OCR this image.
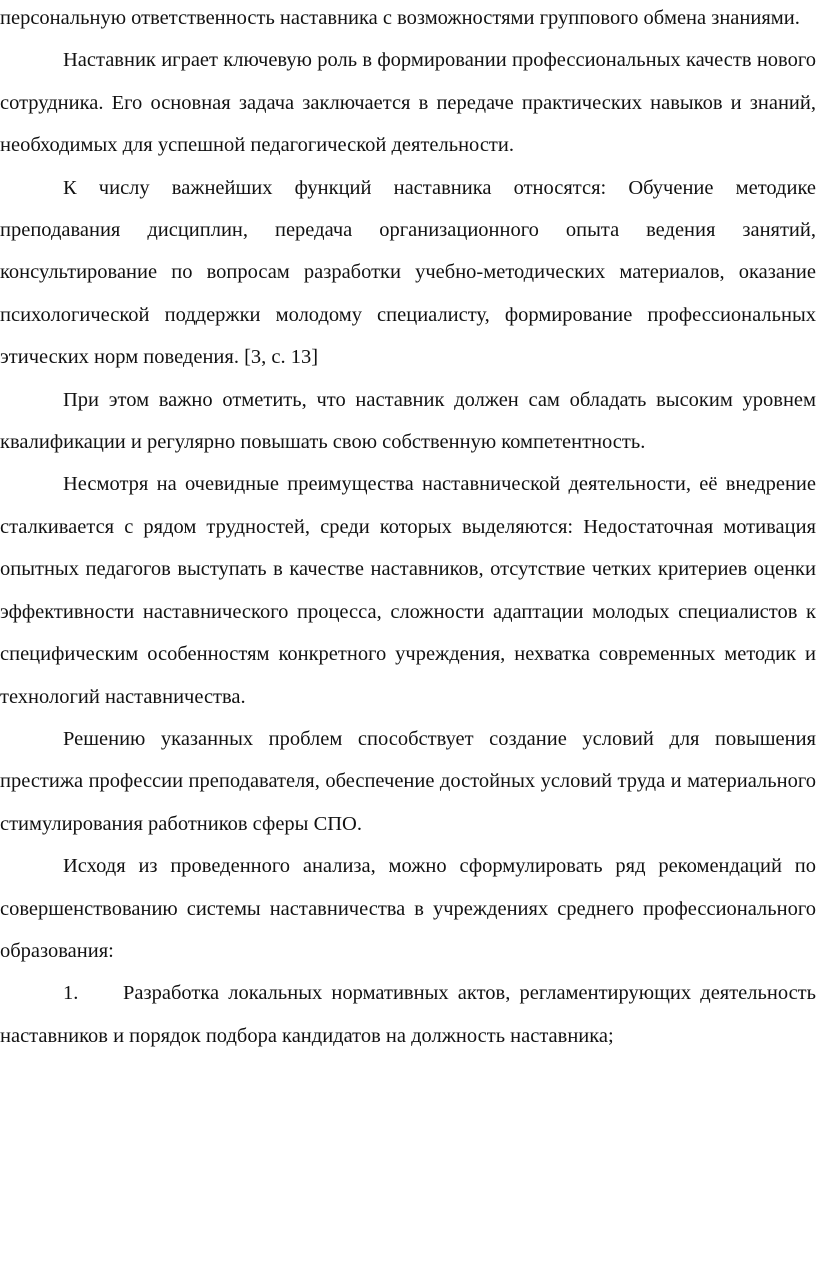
персональную ответственность наставника с возможностями группового обмена знаниями.

Наставник играет ключевую роль в формировании профессиональных качеств нового сотрудника. Его основная задача заключается в передаче практических навыков и знаний, необходимых для успешной педагогической деятельности.

К числу важнейших функций наставника относятся: Обучение методике преподавания дисциплин, передача организационного опыта ведения занятий, консультирование по вопросам разработки учебно-методических материалов, оказание психологической поддержки молодому специалисту, формирование профессиональных этических норм поведения. [3, с. 13]

При этом важно отметить, что наставник должен сам обладать высоким уровнем квалификации и регулярно повышать свою собственную компетентность.

Несмотря на очевидные преимущества наставнической деятельности, её внедрение сталкивается с рядом трудностей, среди которых выделяются: Недостаточная мотивация опытных педагогов выступать в качестве наставников, отсутствие четких критериев оценки эффективности наставнического процесса, сложности адаптации молодых специалистов к специфическим особенностям конкретного учреждения, нехватка современных методик и технологий наставничества.

Решению указанных проблем способствует создание условий для повышения престижа профессии преподавателя, обеспечение достойных условий труда и материального стимулирования работников сферы СПО.

Исходя из проведенного анализа, можно сформулировать ряд рекомендаций по совершенствованию системы наставничества в учреждениях среднего профессионального образования:

1. Разработка локальных нормативных актов, регламентирующих деятельность наставников и порядок подбора кандидатов на должность наставника;
